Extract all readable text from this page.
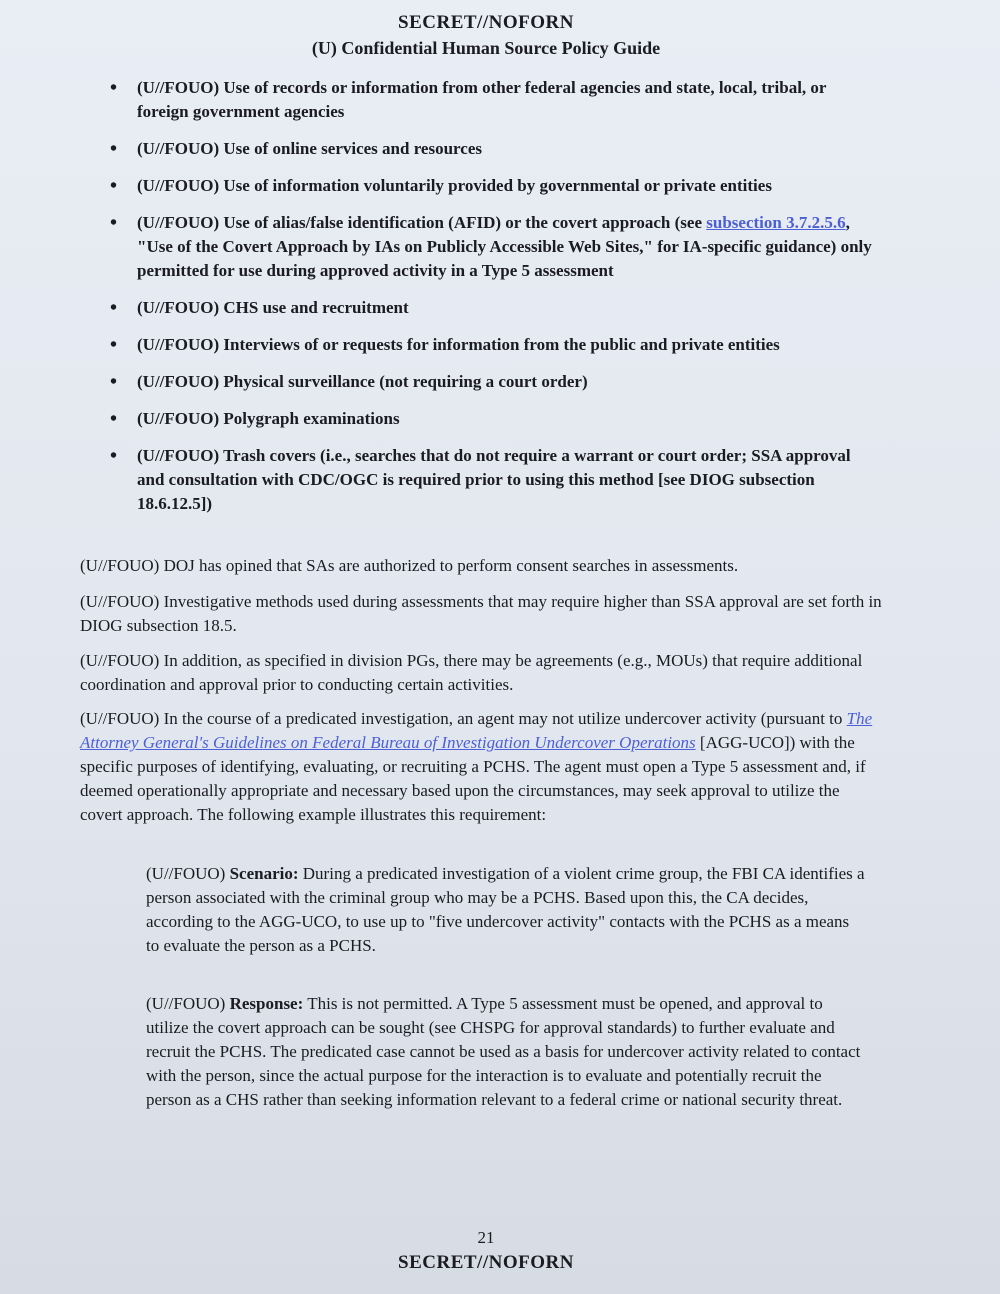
SECRET//NOFORN
(U) Confidential Human Source Policy Guide
• (U//FOUO) Use of records or information from other federal agencies and state, local, tribal, or foreign government agencies
• (U//FOUO) Use of online services and resources
• (U//FOUO) Use of information voluntarily provided by governmental or private entities
• (U//FOUO) Use of alias/false identification (AFID) or the covert approach (see subsection 3.7.2.5.6, "Use of the Covert Approach by IAs on Publicly Accessible Web Sites," for IA-specific guidance) only permitted for use during approved activity in a Type 5 assessment
• (U//FOUO) CHS use and recruitment
• (U//FOUO) Interviews of or requests for information from the public and private entities
• (U//FOUO) Physical surveillance (not requiring a court order)
• (U//FOUO) Polygraph examinations
• (U//FOUO) Trash covers (i.e., searches that do not require a warrant or court order; SSA approval and consultation with CDC/OGC is required prior to using this method [see DIOG subsection 18.6.12.5])

(U//FOUO) DOJ has opined that SAs are authorized to perform consent searches in assessments.

(U//FOUO) Investigative methods used during assessments that may require higher than SSA approval are set forth in DIOG subsection 18.5.

(U//FOUO) In addition, as specified in division PGs, there may be agreements (e.g., MOUs) that require additional coordination and approval prior to conducting certain activities.

(U//FOUO) In the course of a predicated investigation, an agent may not utilize undercover activity (pursuant to The Attorney General's Guidelines on Federal Bureau of Investigation Undercover Operations [AGG-UCO]) with the specific purposes of identifying, evaluating, or recruiting a PCHS. The agent must open a Type 5 assessment and, if deemed operationally appropriate and necessary based upon the circumstances, may seek approval to utilize the covert approach. The following example illustrates this requirement:

(U//FOUO) Scenario: During a predicated investigation of a violent crime group, the FBI CA identifies a person associated with the criminal group who may be a PCHS. Based upon this, the CA decides, according to the AGG-UCO, to use up to "five undercover activity" contacts with the PCHS as a means to evaluate the person as a PCHS.

(U//FOUO) Response: This is not permitted. A Type 5 assessment must be opened, and approval to utilize the covert approach can be sought (see CHSPG for approval standards) to further evaluate and recruit the PCHS. The predicated case cannot be used as a basis for undercover activity related to contact with the person, since the actual purpose for the interaction is to evaluate and potentially recruit the person as a CHS rather than seeking information relevant to a federal crime or national security threat.

21
SECRET//NOFORN
